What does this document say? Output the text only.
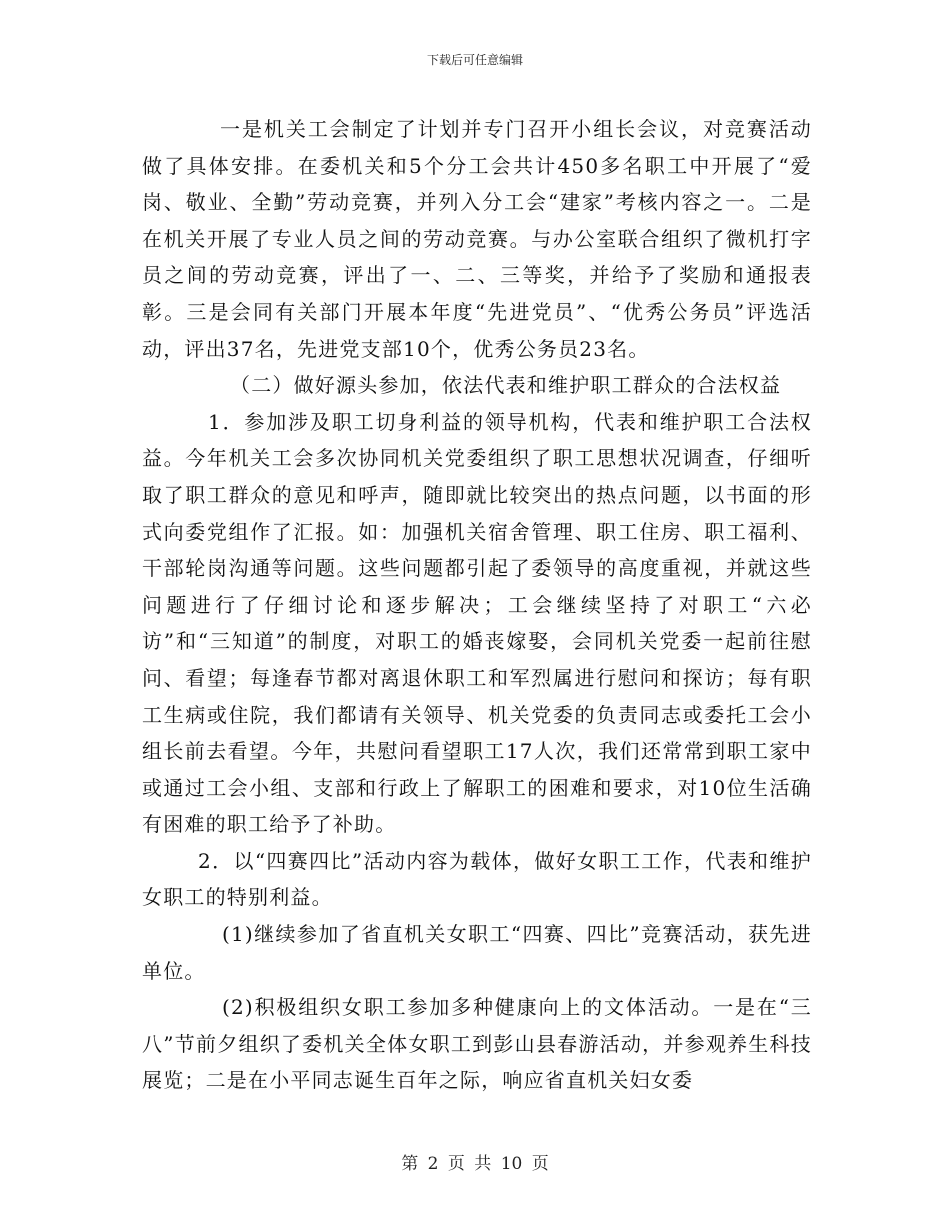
下载后可任意编辑

一是机关工会制定了计划并专门召开小组长会议，对竞赛活动做了具体安排。在委机关和5个分工会共计450多名职工中开展了“爱岗、敬业、全勤”劳动竞赛，并列入分工会“建家”考核内容之一。二是在机关开展了专业人员之间的劳动竞赛。与办公室联合组织了微机打字员之间的劳动竞赛，评出了一、二、三等奖，并给予了奖励和通报表彰。三是会同有关部门开展本年度“先进党员”、“优秀公务员”评选活动，评出37名，先进党支部10个，优秀公务员23名。

（二）做好源头参加，依法代表和维护职工群众的合法权益

1．参加涉及职工切身利益的领导机构，代表和维护职工合法权益。今年机关工会多次协同机关党委组织了职工思想状况调查，仔细听取了职工群众的意见和呼声，随即就比较突出的热点问题，以书面的形式向委党组作了汇报。如：加强机关宿舍管理、职工住房、职工福利、干部轮岗沟通等问题。这些问题都引起了委领导的高度重视，并就这些问题进行了仔细讨论和逐步解决；工会继续坚持了对职工“六必访”和“三知道”的制度，对职工的婚丧嫁娶，会同机关党委一起前往慰问、看望；每逢春节都对离退休职工和军烈属进行慰问和探访；每有职工生病或住院，我们都请有关领导、机关党委的负责同志或委托工会小组长前去看望。今年，共慰问看望职工17人次，我们还常常到职工家中或通过工会小组、支部和行政上了解职工的困难和要求，对10位生活确有困难的职工给予了补助。

2．以“四赛四比”活动内容为载体，做好女职工工作，代表和维护女职工的特别利益。

(1)继续参加了省直机关女职工“四赛、四比”竞赛活动，获先进单位。

(2)积极组织女职工参加多种健康向上的文体活动。一是在“三八”节前夕组织了委机关全体女职工到彭山县春游活动，并参观养生科技展览；二是在小平同志诞生百年之际，响应省直机关妇女委

第 2 页 共 10 页
